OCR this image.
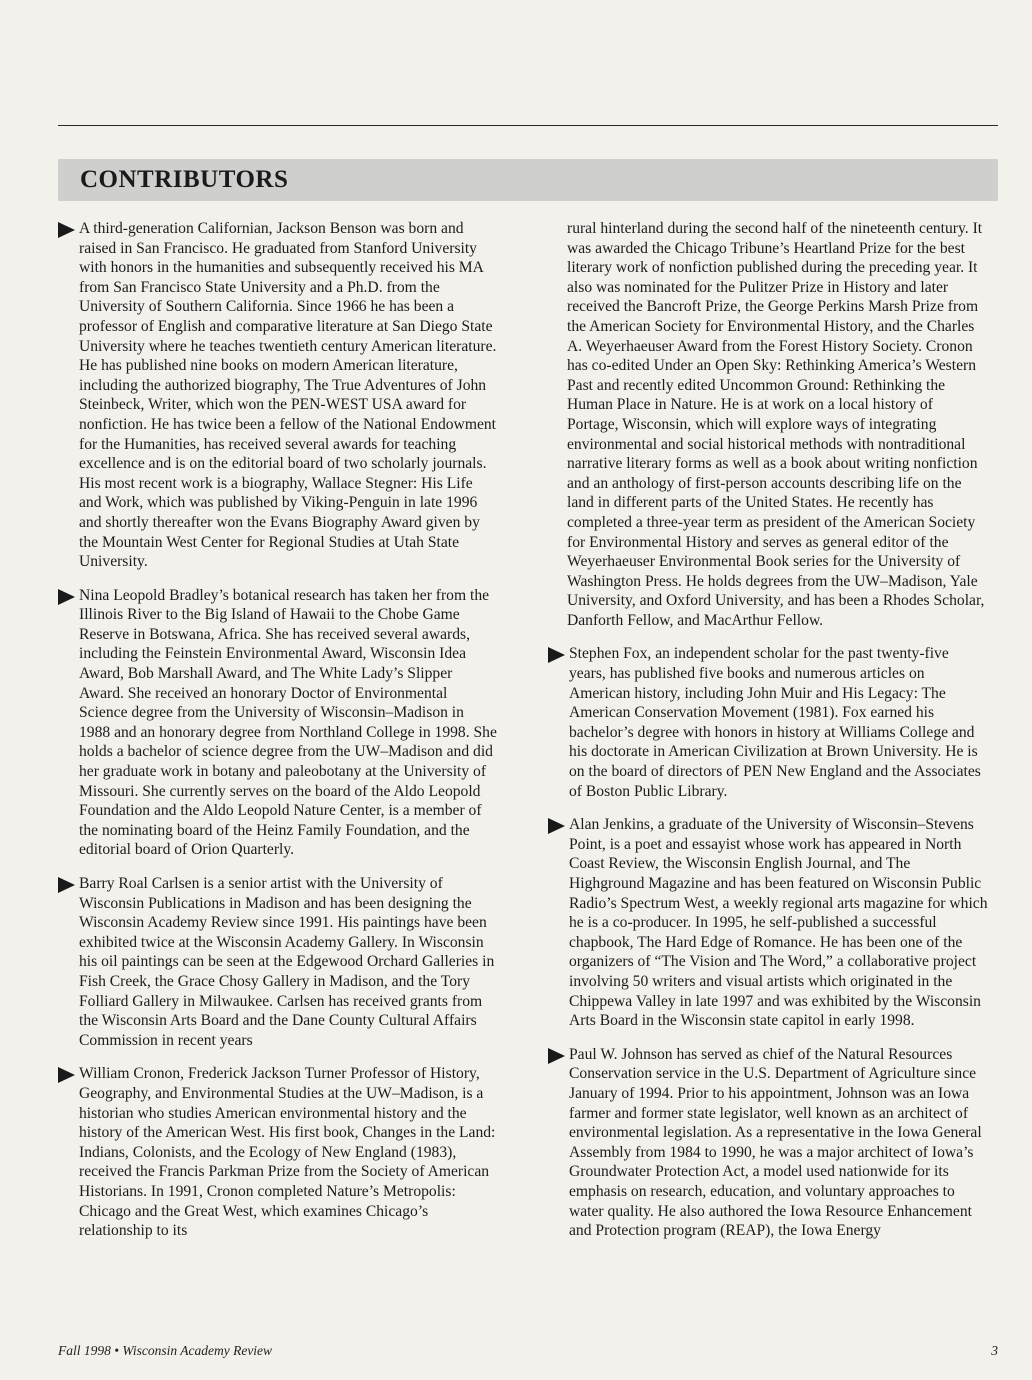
CONTRIBUTORS

A third-generation Californian, Jackson Benson was born and raised in San Francisco. He graduated from Stanford University with honors in the humanities and subsequently received his MA from San Francisco State University and a Ph.D. from the University of Southern California. Since 1966 he has been a professor of English and comparative literature at San Diego State University where he teaches twentieth century American literature. He has published nine books on modern American literature, including the authorized biography, The True Adventures of John Steinbeck, Writer, which won the PEN-WEST USA award for nonfiction. He has twice been a fellow of the National Endowment for the Humanities, has received several awards for teaching excellence and is on the editorial board of two scholarly journals. His most recent work is a biography, Wallace Stegner: His Life and Work, which was published by Viking-Penguin in late 1996 and shortly thereafter won the Evans Biography Award given by the Mountain West Center for Regional Studies at Utah State University.

Nina Leopold Bradley’s botanical research has taken her from the Illinois River to the Big Island of Hawaii to the Chobe Game Reserve in Botswana, Africa. She has received several awards, including the Feinstein Environmental Award, Wisconsin Idea Award, Bob Marshall Award, and The White Lady’s Slipper Award. She received an honorary Doctor of Environmental Science degree from the University of Wisconsin–Madison in 1988 and an honorary degree from Northland College in 1998. She holds a bachelor of science degree from the UW–Madison and did her graduate work in botany and paleobotany at the University of Missouri. She currently serves on the board of the Aldo Leopold Foundation and the Aldo Leopold Nature Center, is a member of the nominating board of the Heinz Family Foundation, and the editorial board of Orion Quarterly.

Barry Roal Carlsen is a senior artist with the University of Wisconsin Publications in Madison and has been designing the Wisconsin Academy Review since 1991. His paintings have been exhibited twice at the Wisconsin Academy Gallery. In Wisconsin his oil paintings can be seen at the Edgewood Orchard Galleries in Fish Creek, the Grace Chosy Gallery in Madison, and the Tory Folliard Gallery in Milwaukee. Carlsen has received grants from the Wisconsin Arts Board and the Dane County Cultural Affairs Commission in recent years

William Cronon, Frederick Jackson Turner Professor of History, Geography, and Environmental Studies at the UW–Madison, is a historian who studies American environmental history and the history of the American West. His first book, Changes in the Land: Indians, Colonists, and the Ecology of New England (1983), received the Francis Parkman Prize from the Society of American Historians. In 1991, Cronon completed Nature’s Metropolis: Chicago and the Great West, which examines Chicago’s relationship to its

rural hinterland during the second half of the nineteenth century. It was awarded the Chicago Tribune’s Heartland Prize for the best literary work of nonfiction published during the preceding year. It also was nominated for the Pulitzer Prize in History and later received the Bancroft Prize, the George Perkins Marsh Prize from the American Society for Environmental History, and the Charles A. Weyerhaeuser Award from the Forest History Society. Cronon has co-edited Under an Open Sky: Rethinking America’s Western Past and recently edited Uncommon Ground: Rethinking the Human Place in Nature. He is at work on a local history of Portage, Wisconsin, which will explore ways of integrating environmental and social historical methods with nontraditional narrative literary forms as well as a book about writing nonfiction and an anthology of first-person accounts describing life on the land in different parts of the United States. He recently has completed a three-year term as president of the American Society for Environmental History and serves as general editor of the Weyerhaeuser Environmental Book series for the University of Washington Press. He holds degrees from the UW–Madison, Yale University, and Oxford University, and has been a Rhodes Scholar, Danforth Fellow, and MacArthur Fellow.

Stephen Fox, an independent scholar for the past twenty-five years, has published five books and numerous articles on American history, including John Muir and His Legacy: The American Conservation Movement (1981). Fox earned his bachelor’s degree with honors in history at Williams College and his doctorate in American Civilization at Brown University. He is on the board of directors of PEN New England and the Associates of Boston Public Library.

Alan Jenkins, a graduate of the University of Wisconsin–Stevens Point, is a poet and essayist whose work has appeared in North Coast Review, the Wisconsin English Journal, and The Highground Magazine and has been featured on Wisconsin Public Radio’s Spectrum West, a weekly regional arts magazine for which he is a co-producer. In 1995, he self-published a successful chapbook, The Hard Edge of Romance. He has been one of the organizers of “The Vision and The Word,” a collaborative project involving 50 writers and visual artists which originated in the Chippewa Valley in late 1997 and was exhibited by the Wisconsin Arts Board in the Wisconsin state capitol in early 1998.

Paul W. Johnson has served as chief of the Natural Resources Conservation service in the U.S. Department of Agriculture since January of 1994. Prior to his appointment, Johnson was an Iowa farmer and former state legislator, well known as an architect of environmental legislation. As a representative in the Iowa General Assembly from 1984 to 1990, he was a major architect of Iowa’s Groundwater Protection Act, a model used nationwide for its emphasis on research, education, and voluntary approaches to water quality. He also authored the Iowa Resource Enhancement and Protection program (REAP), the Iowa Energy

Fall 1998 • Wisconsin Academy Review	3
